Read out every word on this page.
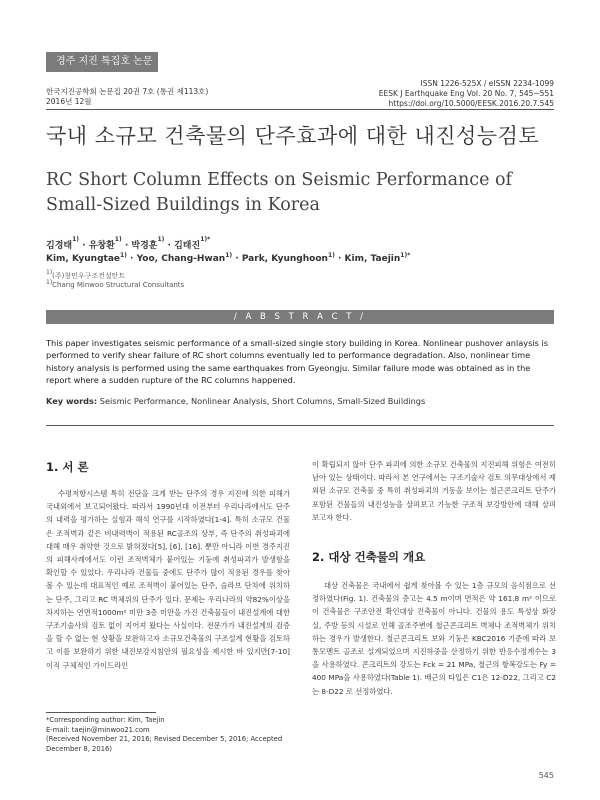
경주 지진 특집호 논문
한국지진공학회 논문집 20권 7호 (통권 제113호)
2016년 12월
ISSN 1226-525X / eISSN 2234-1099
EESK J Earthquake Eng Vol. 20 No. 7, 545~551
https://doi.org/10.5000/EESK.2016.20.7.545
국내 소규모 건축물의 단주효과에 대한 내진성능검토
RC Short Column Effects on Seismic Performance of Small-Sized Buildings in Korea
김경태$^{1)}$ · 유창환$^{1)}$ · 박경훈$^{1)}$ · 김태진$^{1)*}$
Kim, Kyungtae$^{1)}$ · Yoo, Chang-Hwan$^{1)}$ · Park, Kyunghoon$^{1)}$ · Kim, Taejin$^{1)*}$
$^{1)}$(주)창민우구조컨설탄트
$^{1)}$Chang Minwoo Structural Consultants
/ A B S T R A C T /
This paper investigates seismic performance of a small-sized single story building in Korea. Nonlinear pushover anlaysis is performed to verify shear failure of RC short columns eventually led to performance degradation. Also, nonlinear time history analysis is performed using the same earthquakes from Gyeongju. Similar failure mode was obtained as in the report where a sudden rupture of the RC columns happened.
Key words: Seismic Performance, Nonlinear Analysis, Short Columns, Small-Sized Buildings
1. 서 론

수평저항시스템 특히 전단을 크게 받는 단주의 경우 지진에 의한 피해가 국내외에서 보고되어왔다. 따라서 1990년대 이전부터 우리나라에서도 단주의 내력을 평가하는 실험과 해석 연구를 시작하였다[1-4]. 특히 소규모 건물은 조적벽과 같은 비내력벽이 적용된 RC골조의 상부, 즉 단주의 취성파괴에 대해 매우 취약한 것으로 밝혀졌다[5], [6], [16]. 뿐만 아니라 이번 경주지진의 피해사례에서도 이런 조적벽체가 붙어있는 기둥에 취성파괴가 발생함을 확인할 수 있었다. 우리나라 건물들 중에도 단주가 많이 적용된 경우를 찾아볼 수 있는데 대표적인 예로 조적벽이 붙어있는 단주, 슬라브 단차에 위치하는 단주, 그리고 RC 벽체위의 단주가 있다. 문제는 우리나라의 약82%이상을 차지하는 연면적1000m² 미만 3층 미만을 가진 건축물들이 내진설계에 대한 구조기술사의 검토 없이 지어져 왔다는 사실이다. 전문가가 내진설계의 검증을 할 수 없는 현 상황을 보완하고자 소규모건축물의 구조설계 현황을 검토하고 이를 보완하기 위한 내진보강지침안의 필요성을 제시한 바 있지만[7-10] 이직 구체적인 가이드라인

이 확립되지 않아 단주 파괴에 의한 소규모 건축물의 지진피해 위험은 여전히 남아 있는 상태이다. 따라서 본 연구에서는 구조기술사 검토 의무대상에서 제외된 소규모 건축물 중 특히 취성파괴의 거동을 보이는 철근콘크리트 단주가 포함된 건물들의 내진성능을 살펴보고 가능한 구조적 보강방안에 대해 살펴보고자 한다.

2. 대상 건축물의 개요

대상 건축물은 국내에서 쉽게 찾아볼 수 있는 1층 규모의 음식점으로 선정하였다(Fig. 1). 건축물의 층고는 4.5 m이며 면적은 약 161.8 m² 이므로 이 건축물은 구조안전 확인대상 건축물이 아니다. 건물의 용도 특성상 화장실, 주방 등의 시설로 인해 골조주변에 철근콘크리트 벽체나 조적벽체가 위치하는 경우가 발생한다. 철근콘크리트 보와 기둥은 KBC2016 기준에 따라 보통모멘트 골조로 설계되었으며 지진하중을 산정하기 위한 반응수정계수는 3을 사용하였다. 콘크리트의 강도는 Fck = 21 MPa, 철근의 항복강도는 Fy = 400 MPa을 사용하였다(Table 1). 배근의 타입은 C1은 12-D22, 그리고 C2 는 8-D22 로 선정하였다.

*Corresponding author: Kim, Taejin
E-mail: taejin@minwoo21.com
(Received November 21, 2016; Revised December 5, 2016; Accepted December 8, 2016)
545
